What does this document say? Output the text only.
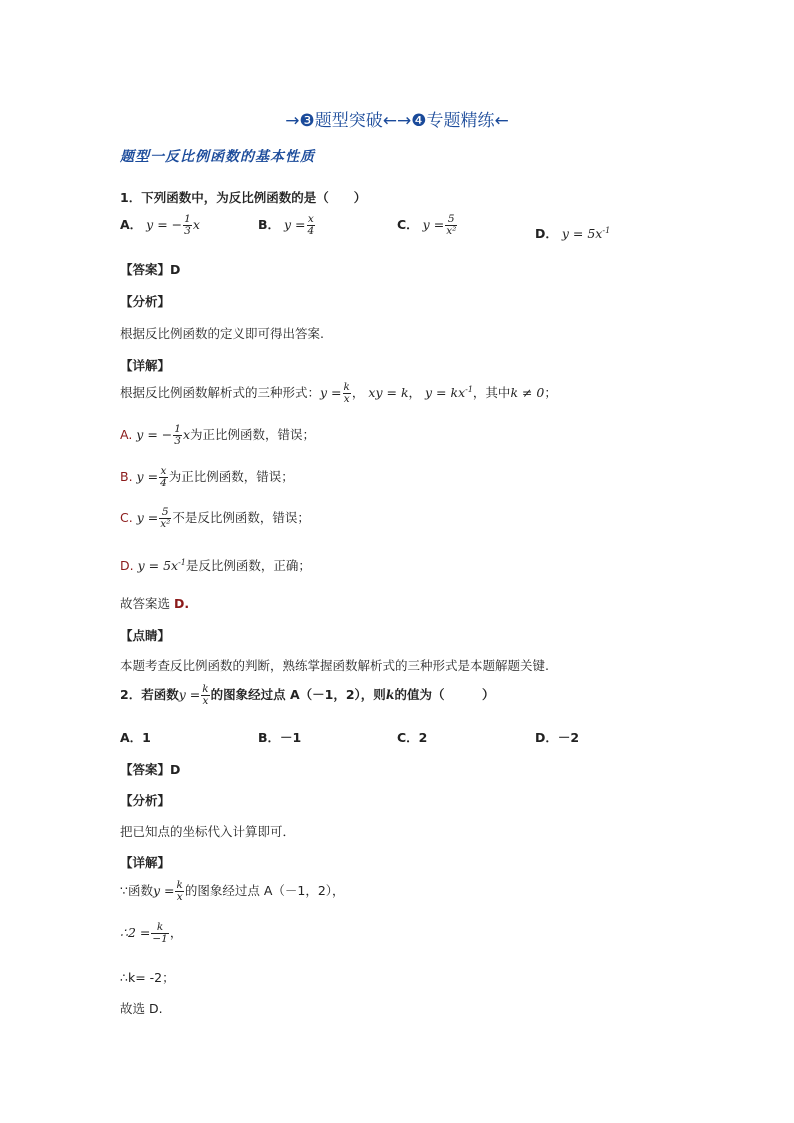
→❸题型突破←→❹专题精练←
题型一反比例函数的基本性质
1．下列函数中，为反比例函数的是（　　）
A． y = − $\frac{1}{3}$ x	B． $y = \frac{x}{4}$	C． $y = \frac{5}{\text{x²}}$	D． $y = 5x^{-1}$
【答案】D
【分析】
根据反比例函数的定义即可得出答案.
【详解】
根据反比例函数解析式的三种形式：$y = \frac{k}{x}$ ， xy = k， $y = kx^{-1}$，其中k ≠ 0；
A. y = − $\frac{1}{3}$ x为正比例函数，错误；
B. $y = \frac{x}{4}$ 为正比例函数，错误；
C. $y = \frac{5}{\text{x²}}$ 不是反比例函数，错误；
D. $y = 5x^{-1}$是反比例函数，正确；
故答案选 D.
【点睛】
本题考查反比例函数的判断，熟练掌握函数解析式的三种形式是本题解题关键.
2．若函数$y = \frac{k}{x}$ 的图象经过点 A（－1，2），则k的值为（　　　）
A．1	B．－1	C．2	D．－2
【答案】D
【分析】
把已知点的坐标代入计算即可．
【详解】
∵函数$y = \frac{k}{x}$ 的图象经过点 A（－1，2），
∴2 = $\frac{k}{-1}$ ，
∴k= -2；
故选 D.
